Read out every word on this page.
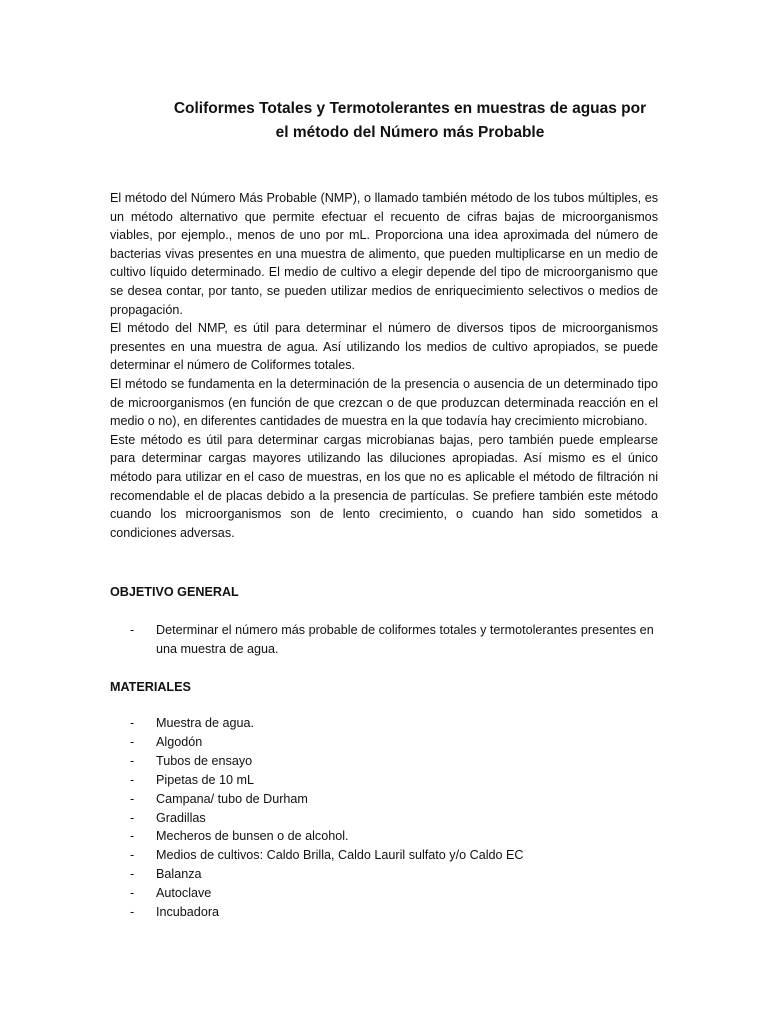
Coliformes Totales y Termotolerantes en muestras de aguas por
el método del Número más Probable

El método del Número Más Probable (NMP), o llamado también método de los tubos múltiples, es un método alternativo que permite efectuar el recuento de cifras bajas de microorganismos viables, por ejemplo., menos de uno por mL. Proporciona una idea aproximada del número de bacterias vivas presentes en una muestra de alimento, que pueden multiplicarse en un medio de cultivo líquido determinado. El medio de cultivo a elegir depende del tipo de microorganismo que se desea contar, por tanto, se pueden utilizar medios de enriquecimiento selectivos o medios de propagación.

El método del NMP, es útil para determinar el número de diversos tipos de microorganismos presentes en una muestra de agua. Así utilizando los medios de cultivo apropiados, se puede determinar el número de Coliformes totales.

El método se fundamenta en la determinación de la presencia o ausencia de un determinado tipo de microorganismos (en función de que crezcan o de que produzcan determinada reacción en el medio o no), en diferentes cantidades de muestra en la que todavía hay crecimiento microbiano.

Este método es útil para determinar cargas microbianas bajas, pero también puede emplearse para determinar cargas mayores utilizando las diluciones apropiadas. Así mismo es el único método para utilizar en el caso de muestras, en los que no es aplicable el método de filtración ni recomendable el de placas debido a la presencia de partículas. Se prefiere también este método cuando los microorganismos son de lento crecimiento, o cuando han sido sometidos a condiciones adversas.

OBJETIVO GENERAL
- Determinar el número más probable de coliformes totales y termotolerantes presentes en una muestra de agua.
MATERIALES
- Muestra de agua.
- Algodón
- Tubos de ensayo
- Pipetas de 10 mL
- Campana/ tubo de Durham
- Gradillas
- Mecheros de bunsen o de alcohol.
- Medios de cultivos: Caldo Brilla, Caldo Lauril sulfato y/o Caldo EC
- Balanza
- Autoclave
- Incubadora
